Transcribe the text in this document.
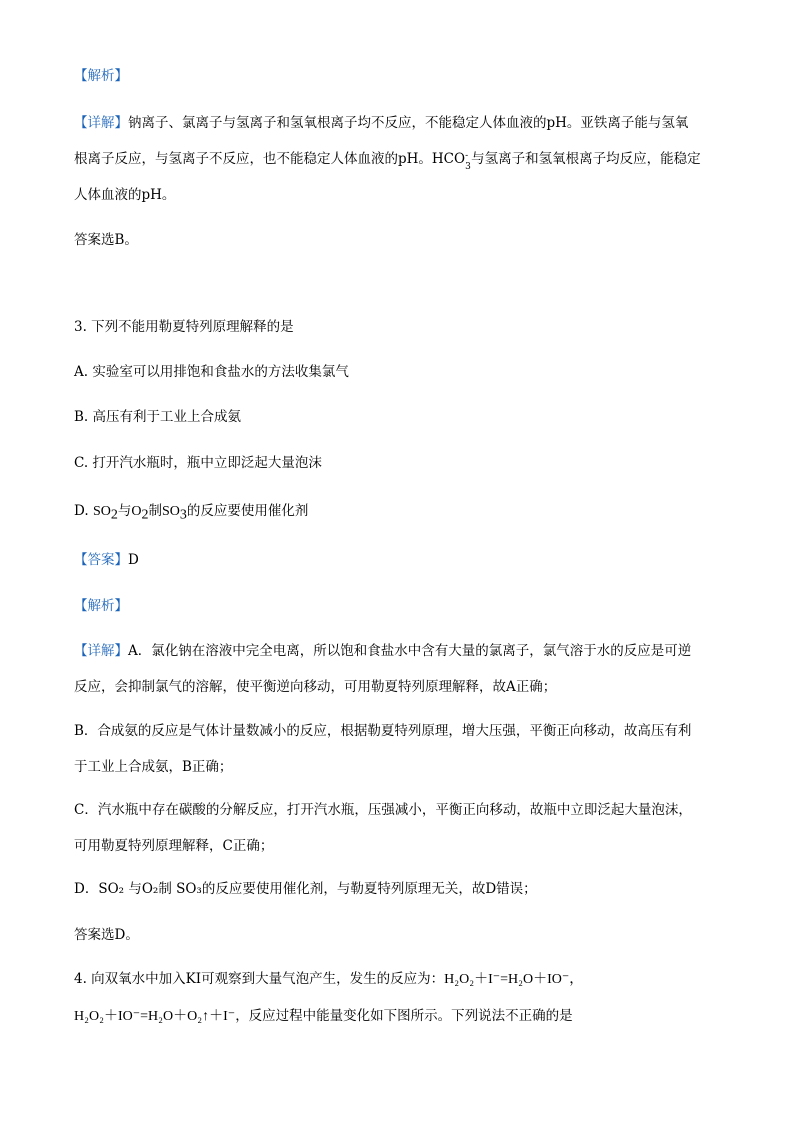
【解析】
【详解】钠离子、氯离子与氢离子和氢氧根离子均不反应，不能稳定人体血液的pH。亚铁离子能与氢氧
根离子反应，与氢离子不反应，也不能稳定人体血液的pH。HCO -
3 与氢离子和氢氧根离子均反应，能稳定
人体血液的pH。
答案选B。
3. 下列不能用勒夏特列原理解释的是
A. 实验室可以用排饱和食盐水的方法收集氯气
B. 高压有利于工业上合成氨
C. 打开汽水瓶时，瓶中立即泛起大量泡沫
D. $SO_2$与$O_2$制$SO_3$的反应要使用催化剂
【答案】D
【解析】
【详解】A．氯化钠在溶液中完全电离，所以饱和食盐水中含有大量的氯离子，氯气溶于水的反应是可逆
反应，会抑制氯气的溶解，使平衡逆向移动，可用勒夏特列原理解释，故A正确；
B．合成氨的反应是气体计量数减小的反应，根据勒夏特列原理，增大压强，平衡正向移动，故高压有利
于工业上合成氨，B正确；
C．汽水瓶中存在碳酸的分解反应，打开汽水瓶，压强减小，平衡正向移动，故瓶中立即泛起大量泡沫，
可用勒夏特列原理解释，C正确；
D．SO₂ 与O₂制 SO₃的反应要使用催化剂，与勒夏特列原理无关，故D错误；
答案选D。
4. 向双氧水中加入KI可观察到大量气泡产生，发生的反应为：H₂O₂＋I⁻=H₂O＋IO⁻，
H₂O₂＋IO⁻=H₂O＋O₂↑＋I⁻，反应过程中能量变化如下图所示。下列说法不正确的是
